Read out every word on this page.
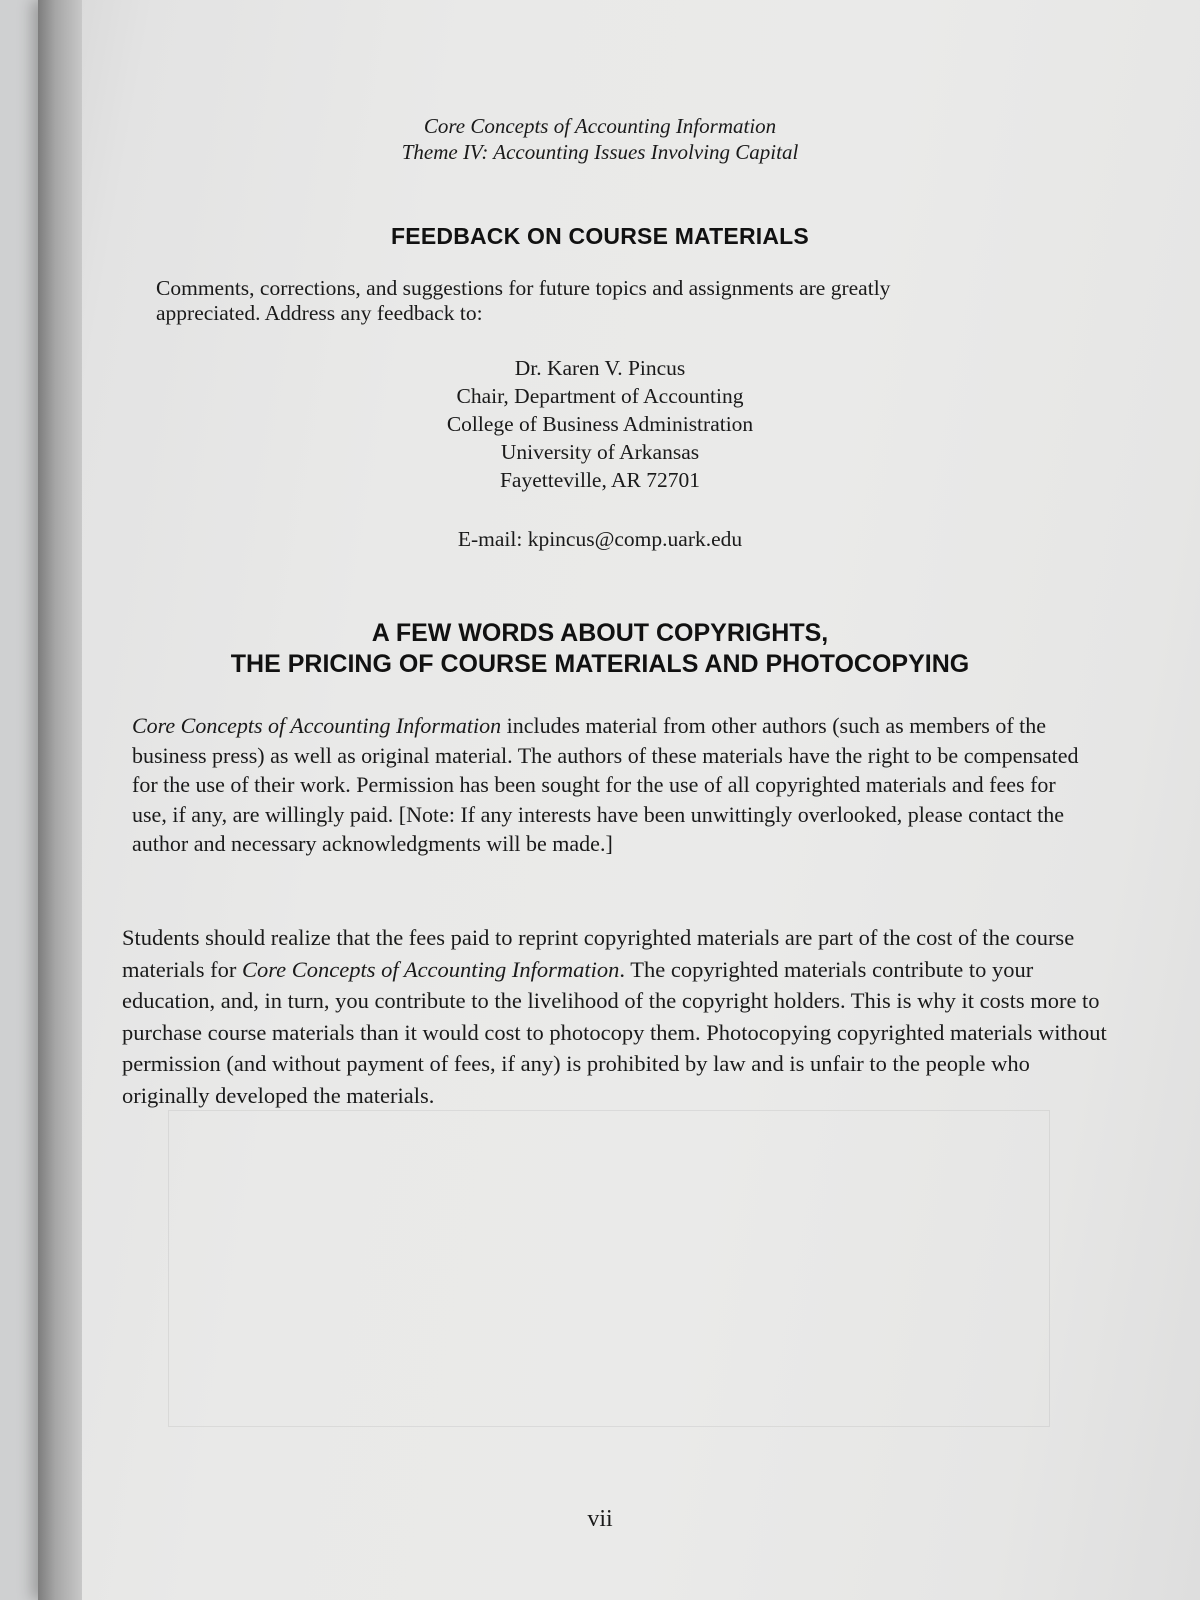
Core Concepts of Accounting Information
Theme IV: Accounting Issues Involving Capital
FEEDBACK ON COURSE MATERIALS
Comments, corrections, and suggestions for future topics and assignments are greatly
appreciated. Address any feedback to:
Dr. Karen V. Pincus
Chair, Department of Accounting
College of Business Administration
University of Arkansas
Fayetteville, AR 72701
E-mail: kpincus@comp.uark.edu
A FEW WORDS ABOUT COPYRIGHTS,
THE PRICING OF COURSE MATERIALS AND PHOTOCOPYING
Core Concepts of Accounting Information includes material from other authors (such as members of the business press) as well as original material. The authors of these materials have the right to be compensated for the use of their work. Permission has been sought for the use of all copyrighted materials and fees for use, if any, are willingly paid. [Note: If any interests have been unwittingly overlooked, please contact the author and necessary acknowledgments will be made.]
Students should realize that the fees paid to reprint copyrighted materials are part of the cost of the course materials for Core Concepts of Accounting Information. The copyrighted materials contribute to your education, and, in turn, you contribute to the livelihood of the copyright holders. This is why it costs more to purchase course materials than it would cost to photocopy them. Photocopying copyrighted materials without permission (and without payment of fees, if any) is prohibited by law and is unfair to the people who originally developed the materials.
vii
